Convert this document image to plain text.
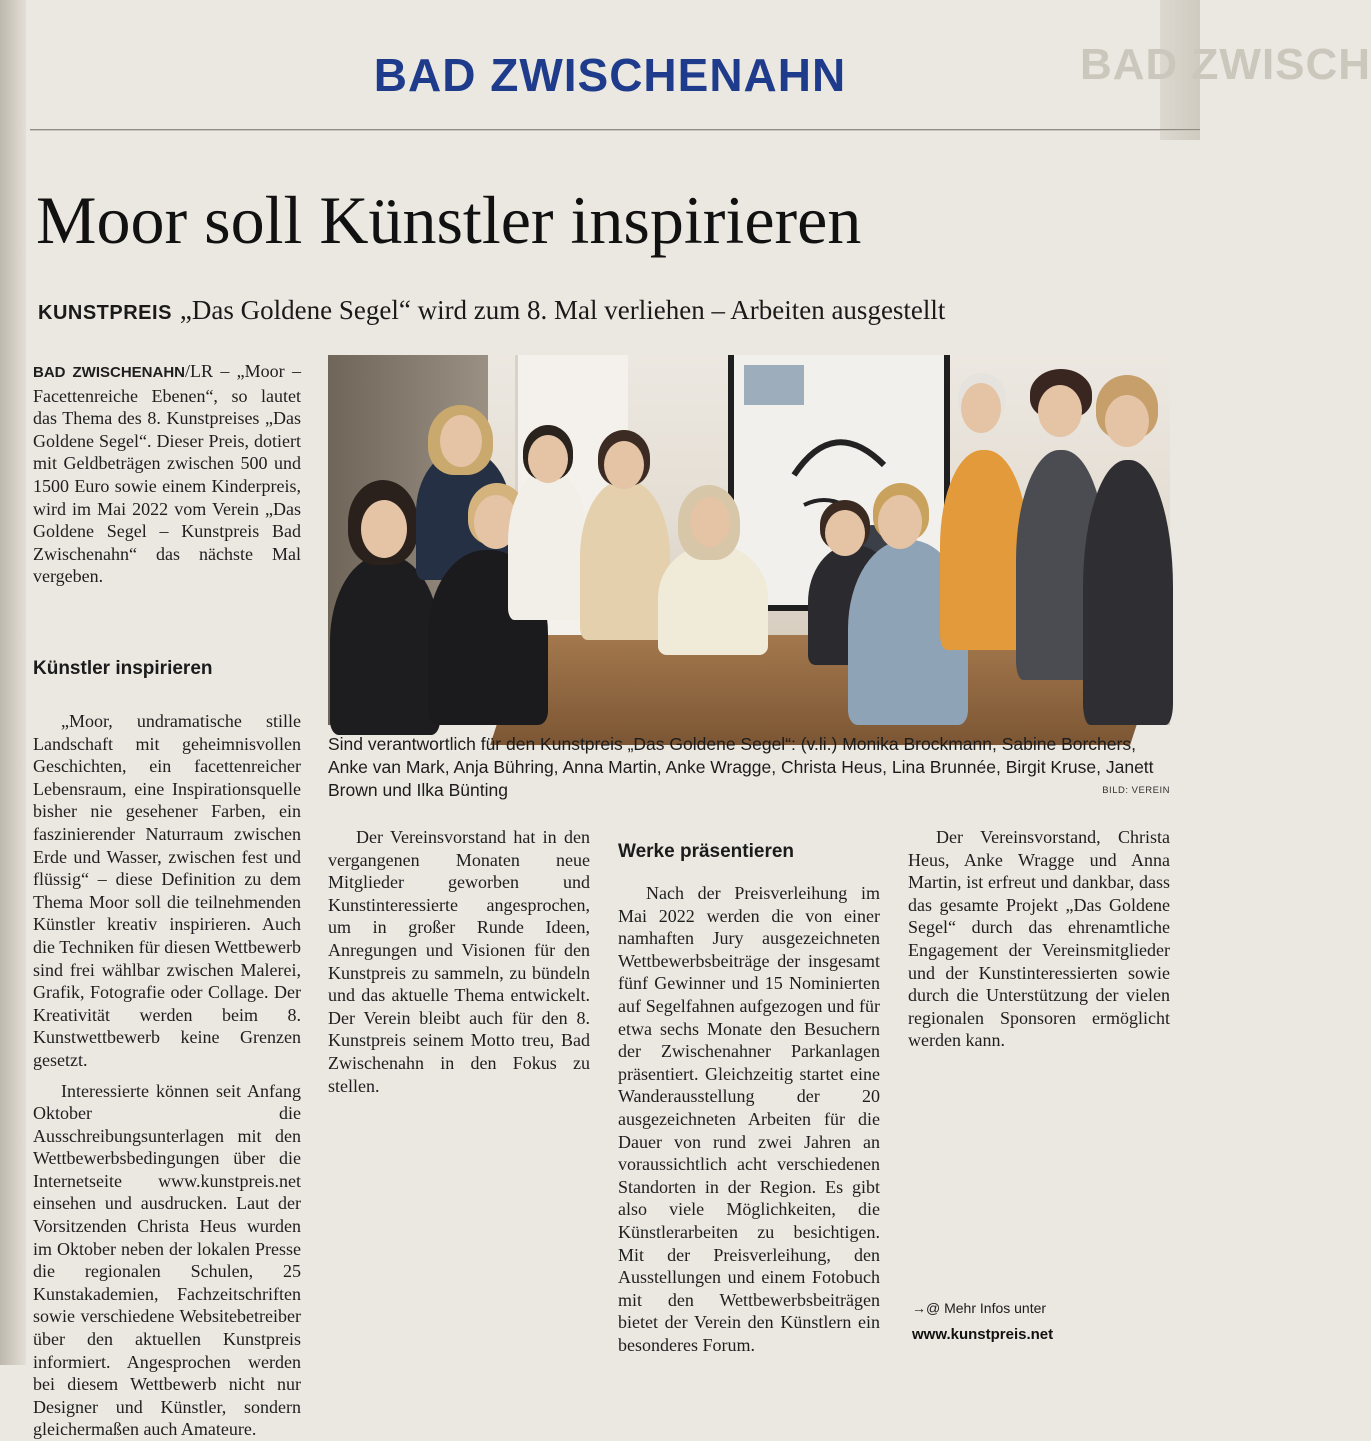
BAD ZWISCH
BAD ZWISCHENAHN
Moor soll Künstler inspirieren
KUNSTPREIS „Das Goldene Segel“ wird zum 8. Mal verliehen – Arbeiten ausgestellt

BAD ZWISCHENAHN/LR – „Moor – Facettenreiche Ebenen“, so lautet das Thema des 8. Kunstpreises „Das Goldene Segel“. Dieser Preis, dotiert mit Geldbeträgen zwischen 500 und 1500 Euro sowie einem Kinderpreis, wird im Mai 2022 vom Verein „Das Goldene Segel – Kunstpreis Bad Zwischenahn“ das nächste Mal vergeben.

Künstler inspirieren
Sind verantwortlich für den Kunstpreis „Das Goldene Segel“: (v.li.) Monika Brockmann, Sabine Borchers, Anke van Mark, Anja Bühring, Anna Martin, Anke Wragge, Christa Heus, Lina Brunnée, Birgit Kruse, Janett Brown und Ilka Bünting	BILD: VEREIN

„Moor, undramatische stille Landschaft mit geheimnisvollen Geschichten, ein facettenreicher Lebensraum, eine Inspirationsquelle bisher nie gesehener Farben, ein faszinierender Naturraum zwischen Erde und Wasser, zwischen fest und flüssig“ – diese Definition zu dem Thema Moor soll die teilnehmenden Künstler kreativ inspirieren. Auch die Techniken für diesen Wettbewerb sind frei wählbar zwischen Malerei, Grafik, Fotografie oder Collage. Der Kreativität werden beim 8. Kunstwettbewerb keine Grenzen gesetzt.

Interessierte können seit Anfang Oktober die Ausschreibungsunterlagen mit den Wettbewerbsbedingungen über die Internetseite www.kunstpreis.net einsehen und ausdrucken. Laut der Vorsitzenden Christa Heus wurden im Oktober neben der lokalen Presse die regionalen Schulen, 25 Kunstakademien, Fachzeitschriften sowie verschiedene Websitebetreiber über den aktuellen Kunstpreis informiert. Angesprochen werden bei diesem Wettbewerb nicht nur Designer und Künstler, sondern gleichermaßen auch Amateure.

Der Vereinsvorstand hat in den vergangenen Monaten neue Mitglieder geworben und Kunstinteressierte angesprochen, um in großer Runde Ideen, Anregungen und Visionen für den Kunstpreis zu sammeln, zu bündeln und das aktuelle Thema entwickelt. Der Verein bleibt auch für den 8. Kunstpreis seinem Motto treu, Bad Zwischenahn in den Fokus zu stellen.

Werke präsentieren

Nach der Preisverleihung im Mai 2022 werden die von einer namhaften Jury ausgezeichneten Wettbewerbsbeiträge der insgesamt fünf Gewinner und 15 Nominierten auf Segelfahnen aufgezogen und für etwa sechs Monate den Besuchern der Zwischenahner Parkanlagen präsentiert. Gleichzeitig startet eine Wanderausstellung der 20 ausgezeichneten Arbeiten für die Dauer von rund zwei Jahren an voraussichtlich acht verschiedenen Standorten in der Region. Es gibt also viele Möglichkeiten, die Künstlerarbeiten zu besichtigen. Mit der Preisverleihung, den Ausstellungen und einem Fotobuch mit den Wettbewerbsbeiträgen bietet der Verein den Künstlern ein besonderes Forum.

Der Vereinsvorstand, Christa Heus, Anke Wragge und Anna Martin, ist erfreut und dankbar, dass das gesamte Projekt „Das Goldene Segel“ durch das ehrenamtliche Engagement der Vereinsmitglieder und der Kunstinteressierten sowie durch die Unterstützung der vielen regionalen Sponsoren ermöglicht werden kann.

→@ Mehr Infos unter
www.kunstpreis.net
